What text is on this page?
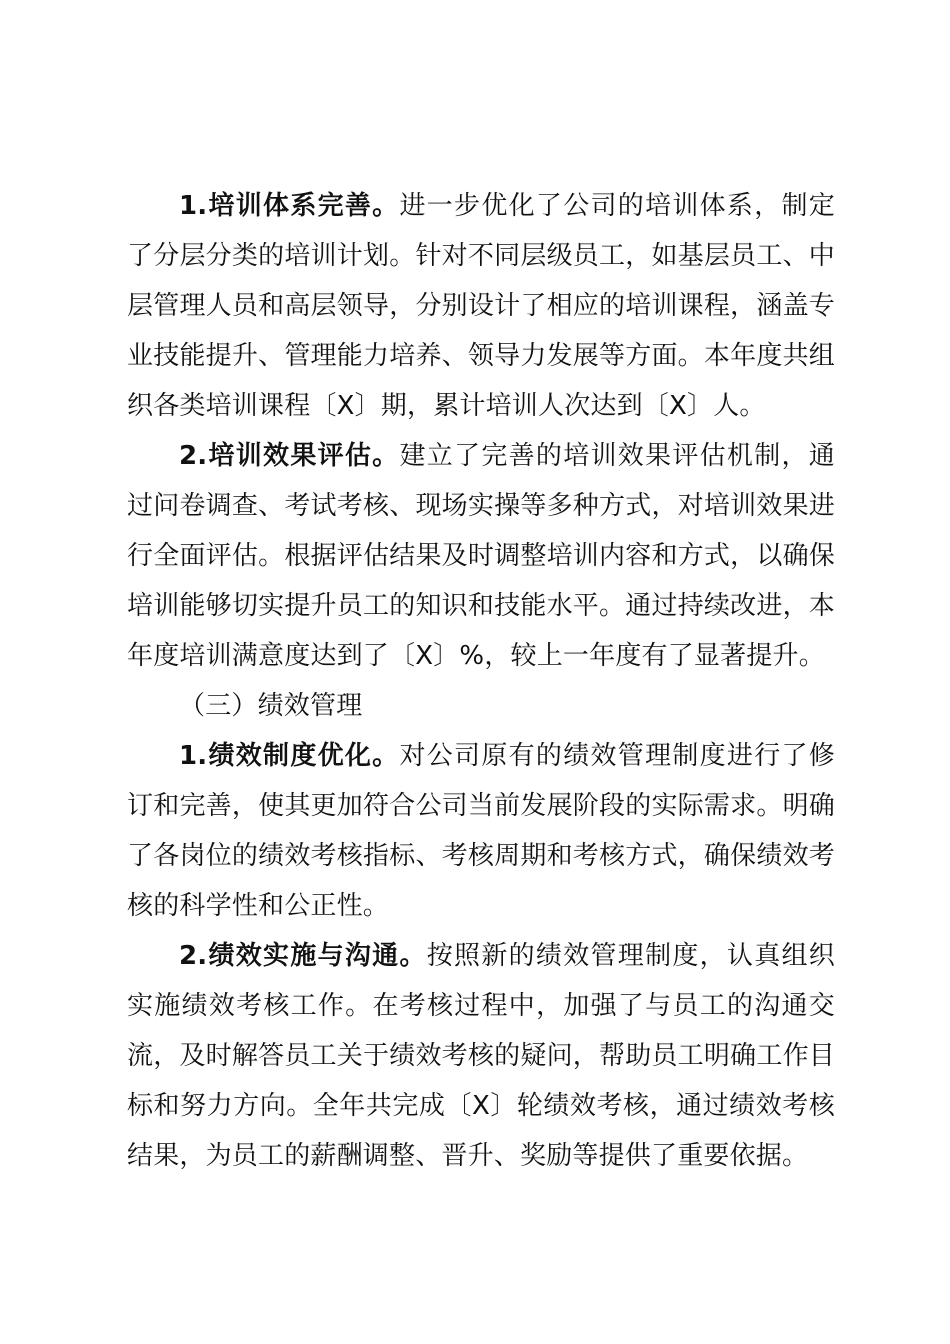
1.培训体系完善。进一步优化了公司的培训体系，制定了分层分类的培训计划。针对不同层级员工，如基层员工、中层管理人员和高层领导，分别设计了相应的培训课程，涵盖专业技能提升、管理能力培养、领导力发展等方面。本年度共组织各类培训课程〔X〕期，累计培训人次达到〔X〕人。

2.培训效果评估。建立了完善的培训效果评估机制，通过问卷调查、考试考核、现场实操等多种方式，对培训效果进行全面评估。根据评估结果及时调整培训内容和方式，以确保培训能够切实提升员工的知识和技能水平。通过持续改进，本年度培训满意度达到了〔X〕%，较上一年度有了显著提升。

（三）绩效管理

1.绩效制度优化。对公司原有的绩效管理制度进行了修订和完善，使其更加符合公司当前发展阶段的实际需求。明确了各岗位的绩效考核指标、考核周期和考核方式，确保绩效考核的科学性和公正性。

2.绩效实施与沟通。按照新的绩效管理制度，认真组织实施绩效考核工作。在考核过程中，加强了与员工的沟通交流，及时解答员工关于绩效考核的疑问，帮助员工明确工作目标和努力方向。全年共完成〔X〕轮绩效考核，通过绩效考核结果，为员工的薪酬调整、晋升、奖励等提供了重要依据。
